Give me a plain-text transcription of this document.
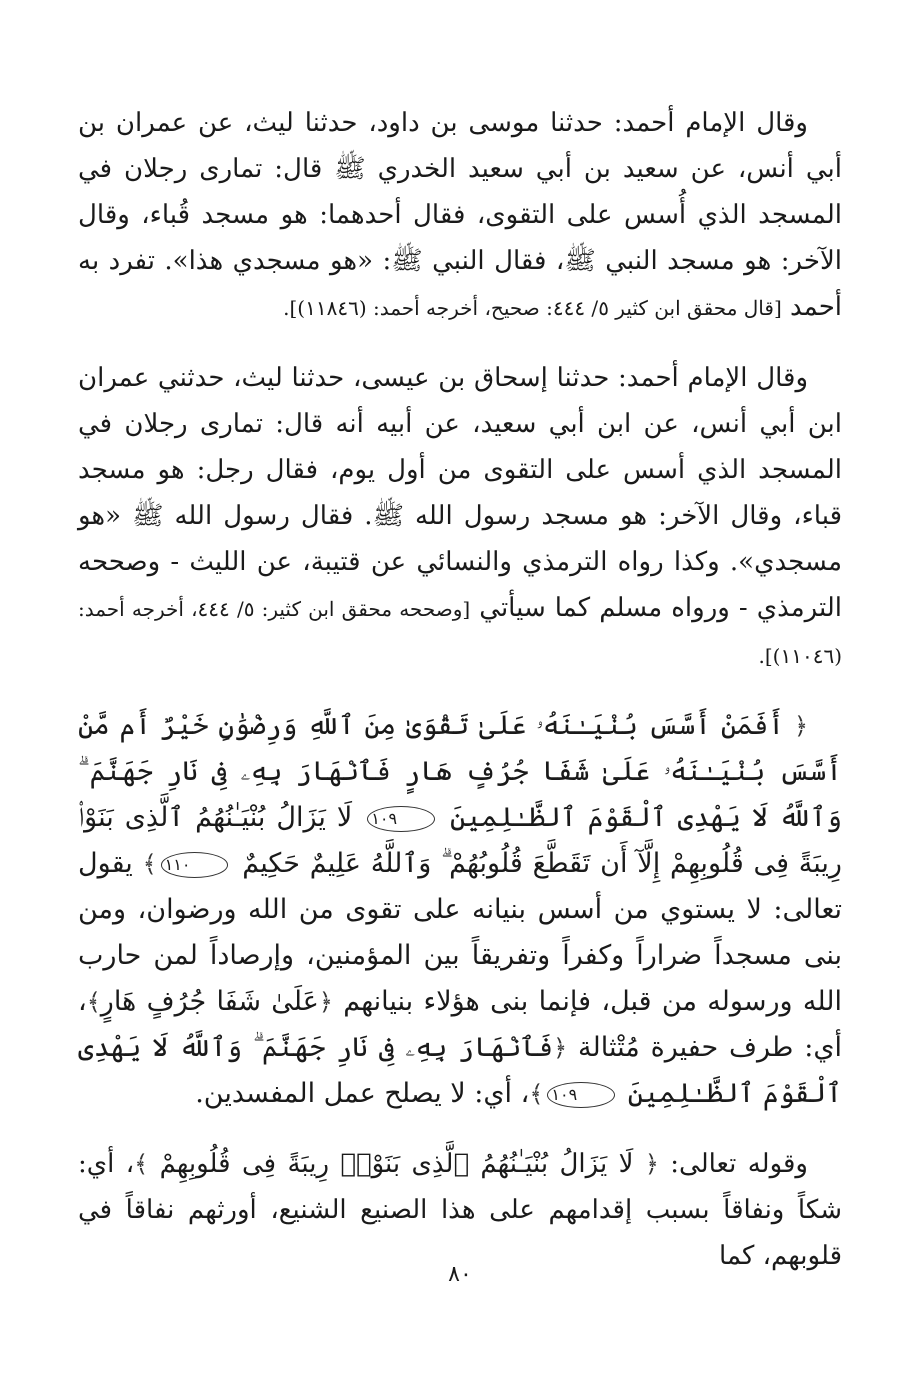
وقال الإمام أحمد: حدثنا موسى بن داود، حدثنا ليث، عن عمران بن أبي أنس، عن سعيد بن أبي سعيد الخدري ﷺ قال: تمارى رجلان في المسجد الذي أُسس على التقوى، فقال أحدهما: هو مسجد قُباء، وقال الآخر: هو مسجد النبي ﷺ، فقال النبي ﷺ: «هو مسجدي هذا». تفرد به أحمد [قال محقق ابن كثير ٥/ ٤٤٤: صحيح، أخرجه أحمد: (١١٨٤٦)].

وقال الإمام أحمد: حدثنا إسحاق بن عيسى، حدثنا ليث، حدثني عمران ابن أبي أنس، عن ابن أبي سعيد، عن أبيه أنه قال: تمارى رجلان في المسجد الذي أسس على التقوى من أول يوم، فقال رجل: هو مسجد قباء، وقال الآخر: هو مسجد رسول الله ﷺ. فقال رسول الله ﷺ «هو مسجدي». وكذا رواه الترمذي والنسائي عن قتيبة، عن الليث - وصححه الترمذي - ورواه مسلم كما سيأتي [وصححه محقق ابن كثير: ٥/ ٤٤٤، أخرجه أحمد: (١١٠٤٦)].

﴿ أَفَمَنْ أَسَّسَ بُنْيَـٰنَهُۥ عَلَىٰ تَقْوَىٰ مِنَ ٱللَّهِ وَرِضْوَٰنٍ خَيْرٌ أَم مَّنْ أَسَّسَ بُنْيَـٰنَهُۥ عَلَىٰ شَفَا جُرُفٍ هَارٍ فَٱنْهَارَ بِهِۦ فِى نَارِ جَهَنَّمَ ۗ وَٱللَّهُ لَا يَهْدِى ٱلْقَوْمَ ٱلظَّـٰلِمِينَ ١٠٩ لَا يَزَالُ بُنْيَـٰنُهُمُ ٱلَّذِى بَنَوْا۟ رِيبَةً فِى قُلُوبِهِمْ إِلَّآ أَن تَقَطَّعَ قُلُوبُهُمْ ۗ وَٱللَّهُ عَلِيمٌ حَكِيمٌ ١١٠﴾ يقول تعالى: لا يستوي من أسس بنيانه على تقوى من الله ورضوان، ومن بنى مسجداً ضراراً وكفراً وتفريقاً بين المؤمنين، وإرصاداً لمن حارب الله ورسوله من قبل، فإنما بنى هؤلاء بنيانهم ﴿عَلَىٰ شَفَا جُرُفٍ هَارٍ﴾، أي: طرف حفيرة مُتْثالة ﴿فَٱنْهَارَ بِهِۦ فِى نَارِ جَهَنَّمَ ۗ وَٱللَّهُ لَا يَهْدِى ٱلْقَوْمَ ٱلظَّـٰلِمِينَ ١٠٩﴾، أي: لا يصلح عمل المفسدين.

وقوله تعالى: ﴿ لَا يَزَالُ بُنْيَـٰنُهُمُ ٱلَّذِى بَنَوْا۟ رِيبَةً فِى قُلُوبِهِمْ ﴾، أي: شكاً ونفاقاً بسبب إقدامهم على هذا الصنيع الشنيع، أورثهم نفاقاً في قلوبهم، كما

٨٠
